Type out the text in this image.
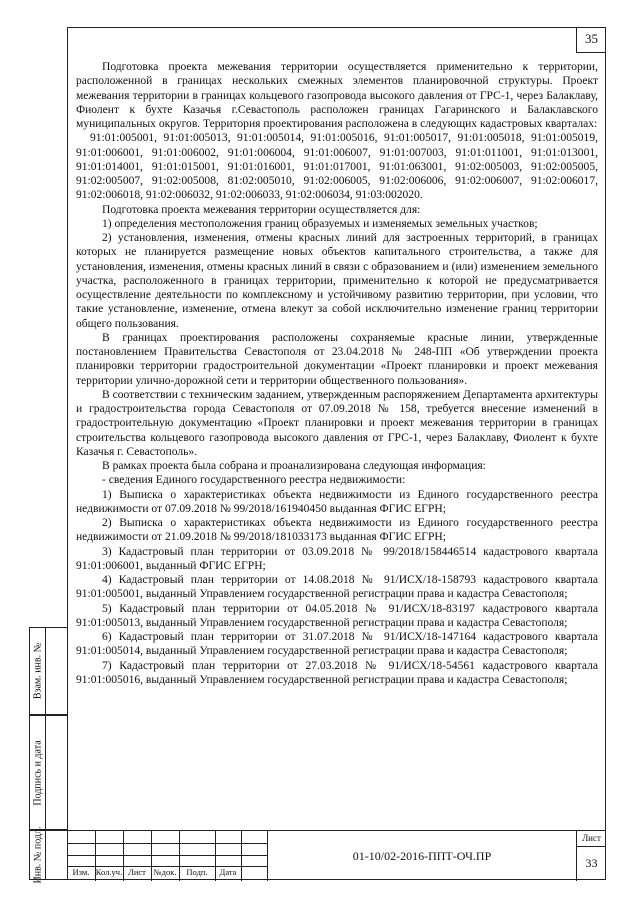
35

Подготовка проекта межевания территории осуществляется применительно к территории, расположенной в границах нескольких смежных элементов планировочной структуры. Проект межевания территории в границах кольцевого газопровода высокого давления от ГРС-1, через Балаклаву, Фиолент к бухте Казачья г.Севастополь расположен границах Гагаринского и Балаклавского муниципальных округов. Территория проектирования расположена в следующих кадастровых кварталах:

91:01:005001, 91:01:005013, 91:01:005014, 91:01:005016, 91:01:005017, 91:01:005018, 91:01:005019, 91:01:006001, 91:01:006002, 91:01:006004, 91:01:006007, 91:01:007003, 91:01:011001, 91:01:013001, 91:01:014001, 91:01:015001, 91:01:016001, 91:01:017001, 91:01:063001, 91:02:005003, 91:02:005005, 91:02:005007, 91:02:005008, 81:02:005010, 91:02:006005, 91:02:006006, 91:02:006007, 91:02:006017, 91:02:006018, 91:02:006032, 91:02:006033, 91:02:006034, 91:03:002020.

Подготовка проекта межевания территории осуществляется для:

1) определения местоположения границ образуемых и изменяемых земельных участков;

2) установления, изменения, отмены красных линий для застроенных территорий, в границах которых не планируется размещение новых объектов капитального строительства, а также для установления, изменения, отмены красных линий в связи с образованием и (или) изменением земельного участка, расположенного в границах территории, применительно к которой не предусматривается осуществление деятельности по комплексному и устойчивому развитию территории, при условии, что такие установление, изменение, отмена влекут за собой исключительно изменение границ территории общего пользования.

В границах проектирования расположены сохраняемые красные линии, утвержденные постановлением Правительства Севастополя от 23.04.2018 № 248-ПП «Об утверждении проекта планировки территории градостроительной документации «Проект планировки и проект межевания территории улично-дорожной сети и территории общественного пользования».

В соответствии с техническим заданием, утвержденным распоряжением Департамента архитектуры и градостроительства города Севастополя от 07.09.2018 № 158, требуется внесение изменений в градостроительную документацию «Проект планировки и проект межевания территории в границах строительства кольцевого газопровода высокого давления от ГРС-1, через Балаклаву, Фиолент к бухте Казачья г. Севастополь».

В рамках проекта была собрана и проанализирована следующая информация:

- сведения Единого государственного реестра недвижимости:

1) Выписка о характеристиках объекта недвижимости из Единого государственного реестра недвижимости от 07.09.2018 № 99/2018/161940450 выданная ФГИС ЕГРН;

2) Выписка о характеристиках объекта недвижимости из Единого государственного реестра недвижимости от 21.09.2018 № 99/2018/181033173 выданная ФГИС ЕГРН;

3) Кадастровый план территории от 03.09.2018 № 99/2018/158446514 кадастрового квартала 91:01:006001, выданный ФГИС ЕГРН;

4) Кадастровый план территории от 14.08.2018 № 91/ИСХ/18-158793 кадастрового квартала 91:01:005001, выданный Управлением государственной регистрации права и кадастра Севастополя;

5) Кадастровый план территории от 04.05.2018 № 91/ИСХ/18-83197 кадастрового квартала 91:01:005013, выданный Управлением государственной регистрации права и кадастра Севастополя;

6) Кадастровый план территории от 31.07.2018 № 91/ИСХ/18-147164 кадастрового квартала 91:01:005014, выданный Управлением государственной регистрации права и кадастра Севастополя;

7) Кадастровый план территории от 27.03.2018 № 91/ИСХ/18-54561 кадастрового квартала 91:01:005016, выданный Управлением государственной регистрации права и кадастра Севастополя;

Взам. инв. №
Подпись и дата
Инв. № подл.	Изм. Кол.уч. Лист №док.	Подп.	Дата
01-10/02-2016-ППТ-ОЧ.ПР
Лист
33
